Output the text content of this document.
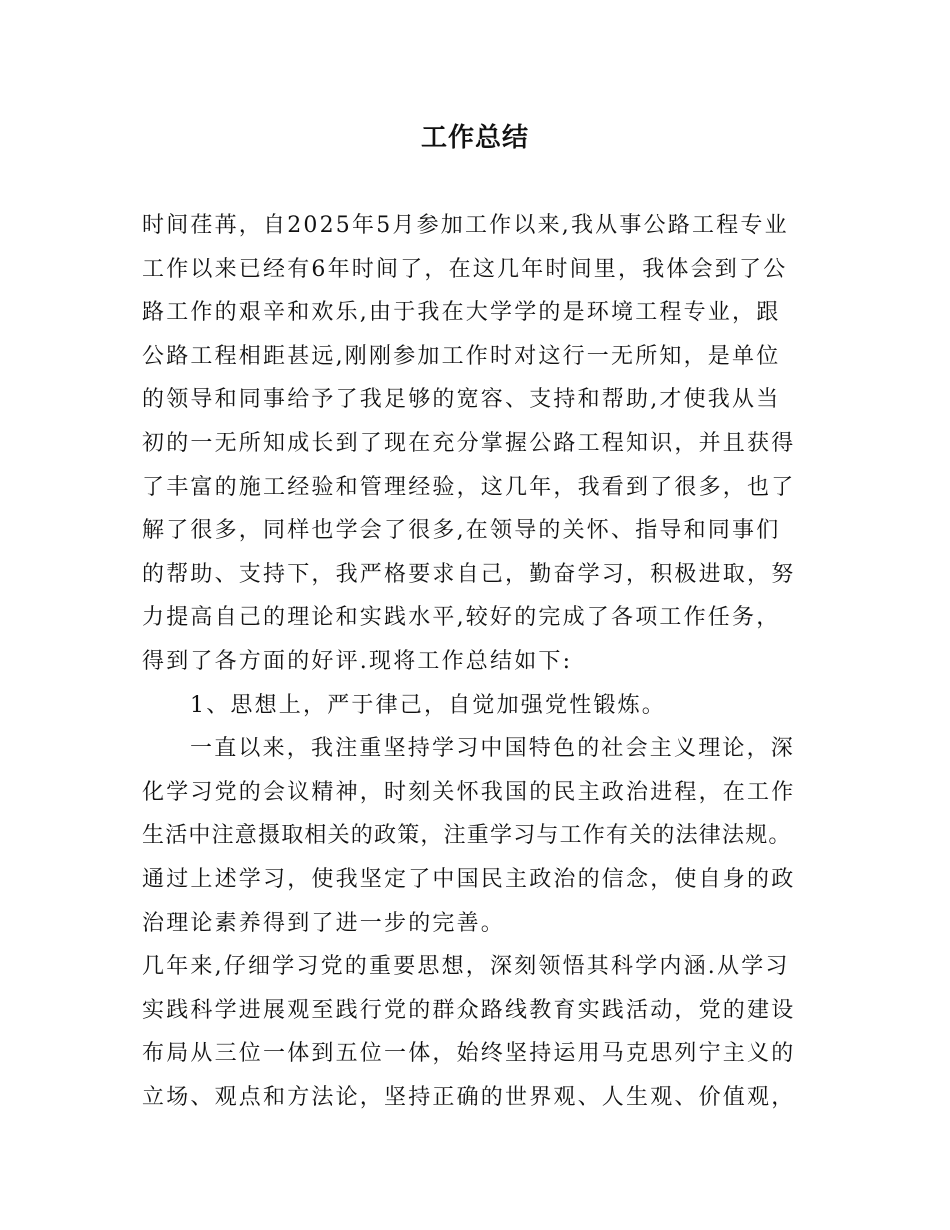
工作总结
时间荏苒，自2025年5月参加工作以来,我从事公路工程专业
工作以来已经有6年时间了，在这几年时间里，我体会到了公
路工作的艰辛和欢乐,由于我在大学学的是环境工程专业，跟
公路工程相距甚远,刚刚参加工作时对这行一无所知，是单位
的领导和同事给予了我足够的宽容、支持和帮助,才使我从当
初的一无所知成长到了现在充分掌握公路工程知识，并且获得
了丰富的施工经验和管理经验，这几年，我看到了很多，也了
解了很多，同样也学会了很多,在领导的关怀、指导和同事们
的帮助、支持下，我严格要求自己，勤奋学习，积极进取，努
力提高自己的理论和实践水平,较好的完成了各项工作任务，
得到了各方面的好评.现将工作总结如下:
1、思想上，严于律己，自觉加强党性锻炼。
一直以来，我注重坚持学习中国特色的社会主义理论，深
化学习党的会议精神，时刻关怀我国的民主政治进程，在工作
生活中注意摄取相关的政策，注重学习与工作有关的法律法规。
通过上述学习，使我坚定了中国民主政治的信念，使自身的政
治理论素养得到了进一步的完善。
几年来,仔细学习党的重要思想，深刻领悟其科学内涵.从学习
实践科学进展观至践行党的群众路线教育实践活动，党的建设
布局从三位一体到五位一体，始终坚持运用马克思列宁主义的
立场、观点和方法论，坚持正确的世界观、人生观、价值观，
